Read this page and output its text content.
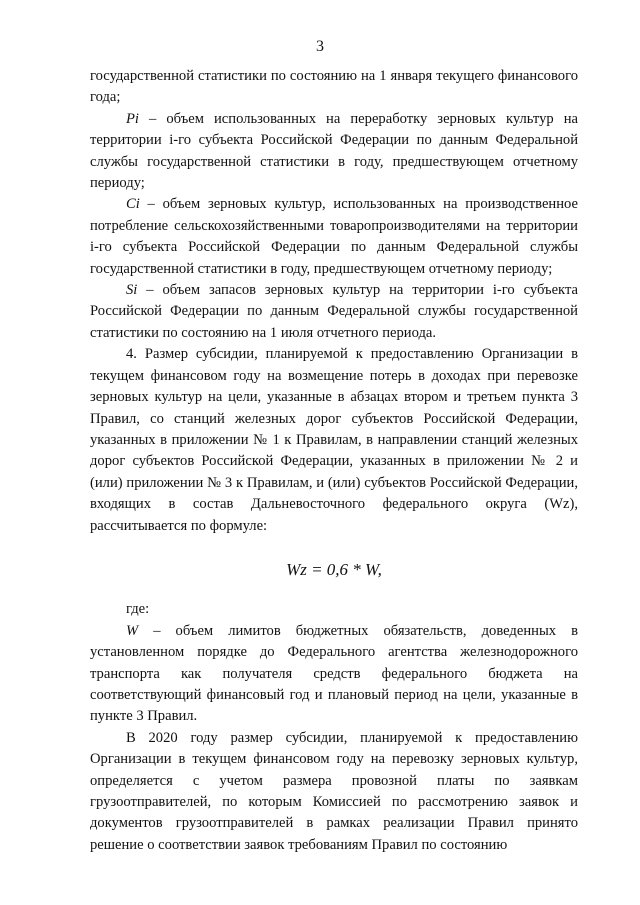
3

государственной статистики по состоянию на 1 января текущего финансового года;

Pi – объем использованных на переработку зерновых культур на территории i-го субъекта Российской Федерации по данным Федеральной службы государственной статистики в году, предшествующем отчетному периоду;

Ci – объем зерновых культур, использованных на производственное потребление сельскохозяйственными товаропроизводителями на территории i-го субъекта Российской Федерации по данным Федеральной службы государственной статистики в году, предшествующем отчетному периоду;

Si – объем запасов зерновых культур на территории i-го субъекта Российской Федерации по данным Федеральной службы государственной статистики по состоянию на 1 июля отчетного периода.

4. Размер субсидии, планируемой к предоставлению Организации в текущем финансовом году на возмещение потерь в доходах при перевозке зерновых культур на цели, указанные в абзацах втором и третьем пункта 3 Правил, со станций железных дорог субъектов Российской Федерации, указанных в приложении № 1 к Правилам, в направлении станций железных дорог субъектов Российской Федерации, указанных в приложении № 2 и (или) приложении № 3 к Правилам, и (или) субъектов Российской Федерации, входящих в состав Дальневосточного федерального округа (Wz), рассчитывается по формуле:

Wz = 0,6 * W,

где:

W – объем лимитов бюджетных обязательств, доведенных в установленном порядке до Федерального агентства железнодорожного транспорта как получателя средств федерального бюджета на соответствующий финансовый год и плановый период на цели, указанные в пункте 3 Правил.

В 2020 году размер субсидии, планируемой к предоставлению Организации в текущем финансовом году на перевозку зерновых культур, определяется с учетом размера провозной платы по заявкам грузоотправителей, по которым Комиссией по рассмотрению заявок и документов грузоотправителей в рамках реализации Правил принято решение о соответствии заявок требованиям Правил по состоянию
